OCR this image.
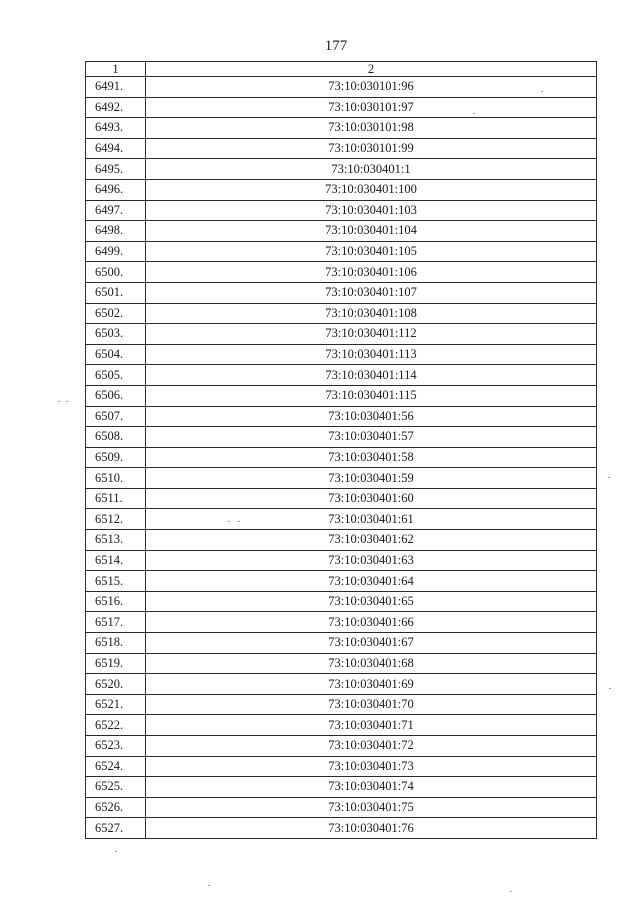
177
1	2
6491.	73:10:030101:96
6492.	73:10:030101:97
6493.	73:10:030101:98
6494.	73:10:030101:99
6495.	73:10:030401:1
6496.	73:10:030401:100
6497.	73:10:030401:103
6498.	73:10:030401:104
6499.	73:10:030401:105
6500.	73:10:030401:106
6501.	73:10:030401:107
6502.	73:10:030401:108
6503.	73:10:030401:112
6504.	73:10:030401:113
6505.	73:10:030401:114
6506.	73:10:030401:115
6507.	73:10:030401:56
6508.	73:10:030401:57
6509.	73:10:030401:58
6510.	73:10:030401:59
6511.	73:10:030401:60
6512.	73:10:030401:61
6513.	73:10:030401:62
6514.	73:10:030401:63
6515.	73:10:030401:64
6516.	73:10:030401:65
6517.	73:10:030401:66
6518.	73:10:030401:67
6519.	73:10:030401:68
6520.	73:10:030401:69
6521.	73:10:030401:70
6522.	73:10:030401:71
6523.	73:10:030401:72
6524.	73:10:030401:73
6525.	73:10:030401:74
6526.	73:10:030401:75
6527.	73:10:030401:76
